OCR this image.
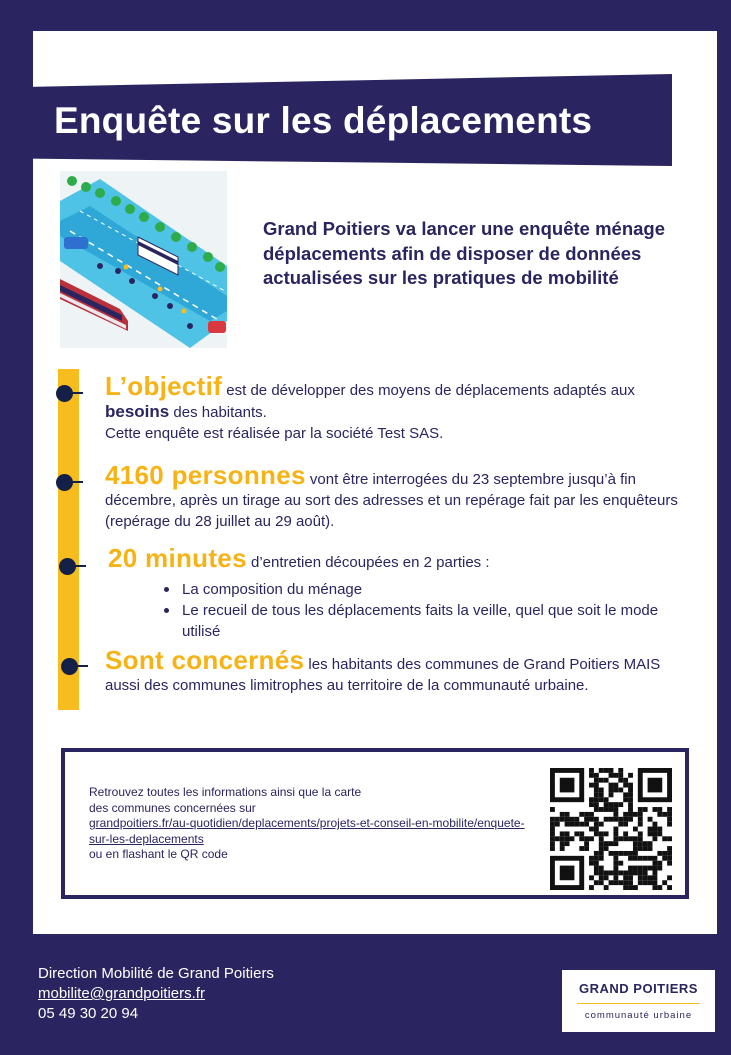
Enquête sur les déplacements

Grand Poitiers va lancer une enquête ménage déplacements afin de disposer de données actualisées sur les pratiques de mobilité

L’objectif est de développer des moyens de déplacements adaptés aux besoins des habitants.
Cette enquête est réalisée par la société Test SAS.
4160 personnes vont être interrogées du 23 septembre jusqu’à fin décembre, après un tirage au sort des adresses et un repérage fait par les enquêteurs (repérage du 28 juillet au 29 août).
20 minutes d’entretien découpées en 2 parties :
La composition du ménage
Le recueil de tous les déplacements faits la veille, quel que soit le mode utilisé
Sont concernés les habitants des communes de Grand Poitiers MAIS aussi des communes limitrophes au territoire de la communauté urbaine.
Retrouvez toutes les informations ainsi que la carte
des communes concernées sur
grandpoitiers.fr/au-quotidien/deplacements/projets-et-conseil-en-mobilite/enquete-sur-les-deplacements
ou en flashant le QR code
Direction Mobilité de Grand Poitiers
mobilite@grandpoitiers.fr
05 49 30 20 94
GRAND POITIERS
communauté urbaine
